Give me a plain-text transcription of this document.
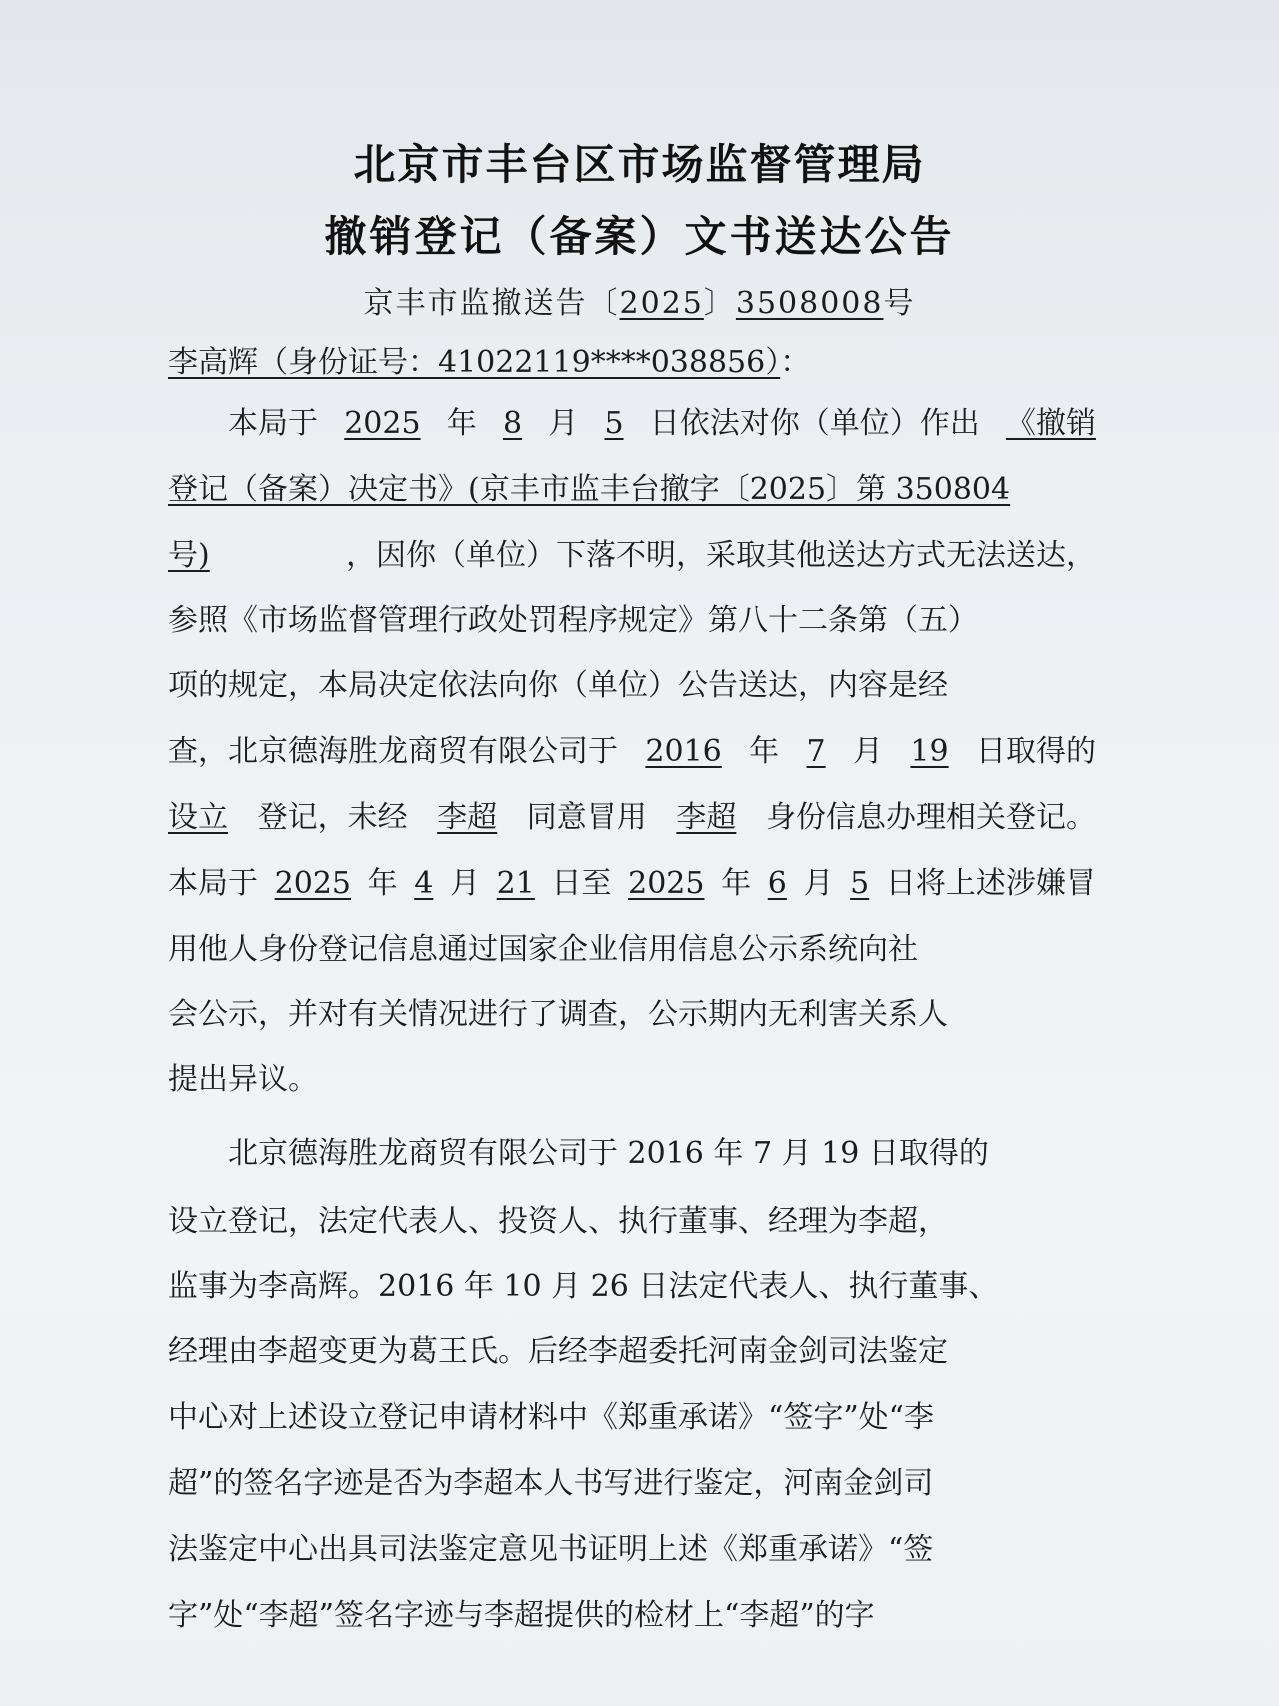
北京市丰台区市场监督管理局
撤销登记（备案）文书送达公告
京丰市监撤送告〔2025〕3508008号
李高辉（身份证号：41022119****038856）：
本局于 2025 年 8 月 5 日依法对你（单位）作出 《撤销
登记（备案）决定书》(京丰市监丰台撤字〔2025〕第 350804
号)	，因你（单位）下落不明，采取其他送达方式无法送达，
参照《市场监督管理行政处罚程序规定》第八十二条第（五）
项的规定，本局决定依法向你（单位）公告送达，内容是经
查，北京德海胜龙商贸有限公司于 2016 年 7 月 19 日取得的
设立 登记，未经 李超 同意冒用 李超 身份信息办理相关登记。
本局于 2025 年 4 月 21 日至 2025 年 6 月 5 日将上述涉嫌冒
用他人身份登记信息通过国家企业信用信息公示系统向社
会公示，并对有关情况进行了调查，公示期内无利害关系人
提出异议。
北京德海胜龙商贸有限公司于 2016 年 7 月 19 日取得的
设立登记，法定代表人、投资人、执行董事、经理为李超，
监事为李高辉。2016 年 10 月 26 日法定代表人、执行董事、
经理由李超变更为葛王氏。后经李超委托河南金剑司法鉴定
中心对上述设立登记申请材料中《郑重承诺》“签字”处“李
超”的签名字迹是否为李超本人书写进行鉴定，河南金剑司
法鉴定中心出具司法鉴定意见书证明上述《郑重承诺》“签
字”处“李超”签名字迹与李超提供的检材上“李超”的字
